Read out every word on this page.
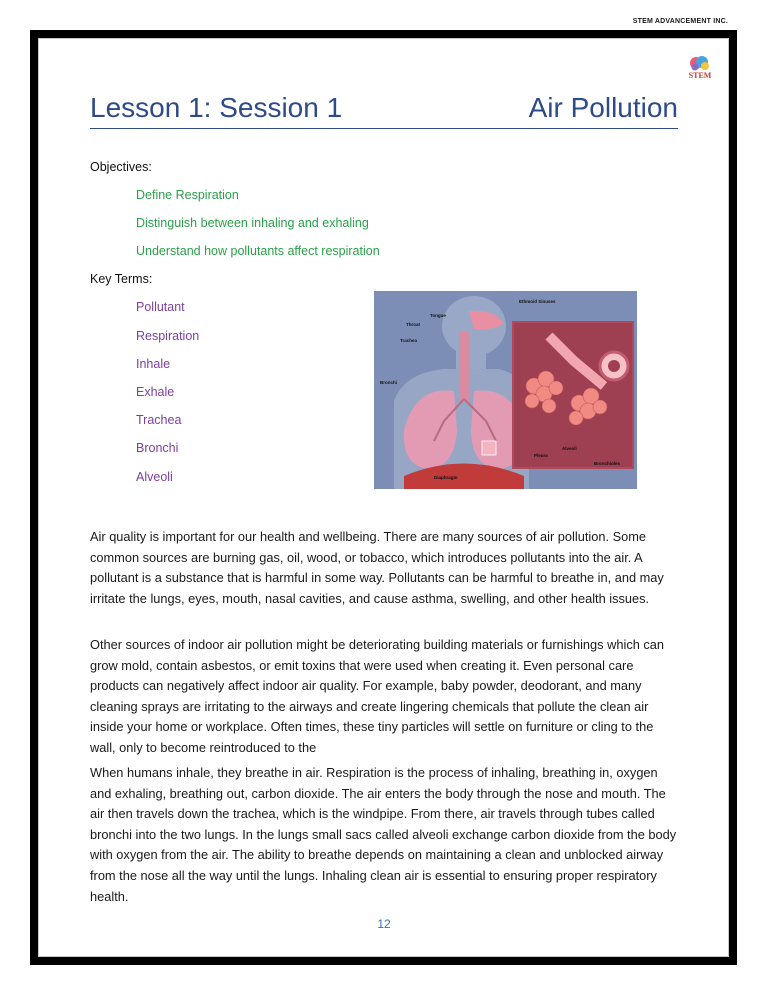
STEM ADVANCEMENT INC.
STEM
Lesson 1: Session 1	Air Pollution
Objectives:
Define Respiration
Distinguish between inhaling and exhaling
Understand how pollutants affect respiration
Key Terms:
Pollutant
Respiration
Inhale
Exhale
Trachea
Bronchi
Alveoli
Ethmoid Sinuses
Tongue
Throat
Trachea
Bronchi
Alveoli
Pleura
Bronchioles
Diaphragm
Air quality is important for our health and wellbeing. There are many sources of air pollution. Some common sources are burning gas, oil, wood, or tobacco, which introduces pollutants into the air. A pollutant is a substance that is harmful in some way. Pollutants can be harmful to breathe in, and may irritate the lungs, eyes, mouth, nasal cavities, and cause asthma, swelling, and other health issues.
Other sources of indoor air pollution might be deteriorating building materials or furnishings which can grow mold, contain asbestos, or emit toxins that were used when creating it. Even personal care products can negatively affect indoor air quality. For example, baby powder, deodorant, and many cleaning sprays are irritating to the airways and create lingering chemicals that pollute the clean air inside your home or workplace. Often times, these tiny particles will settle on furniture or cling to the wall, only to become reintroduced to the
When humans inhale, they breathe in air. Respiration is the process of inhaling, breathing in, oxygen and exhaling, breathing out, carbon dioxide. The air enters the body through the nose and mouth. The air then travels down the trachea, which is the windpipe. From there, air travels through tubes called bronchi into the two lungs. In the lungs small sacs called alveoli exchange carbon dioxide from the body with oxygen from the air. The ability to breathe depends on maintaining a clean and unblocked airway from the nose all the way until the lungs. Inhaling clean air is essential to ensuring proper respiratory health.
12
